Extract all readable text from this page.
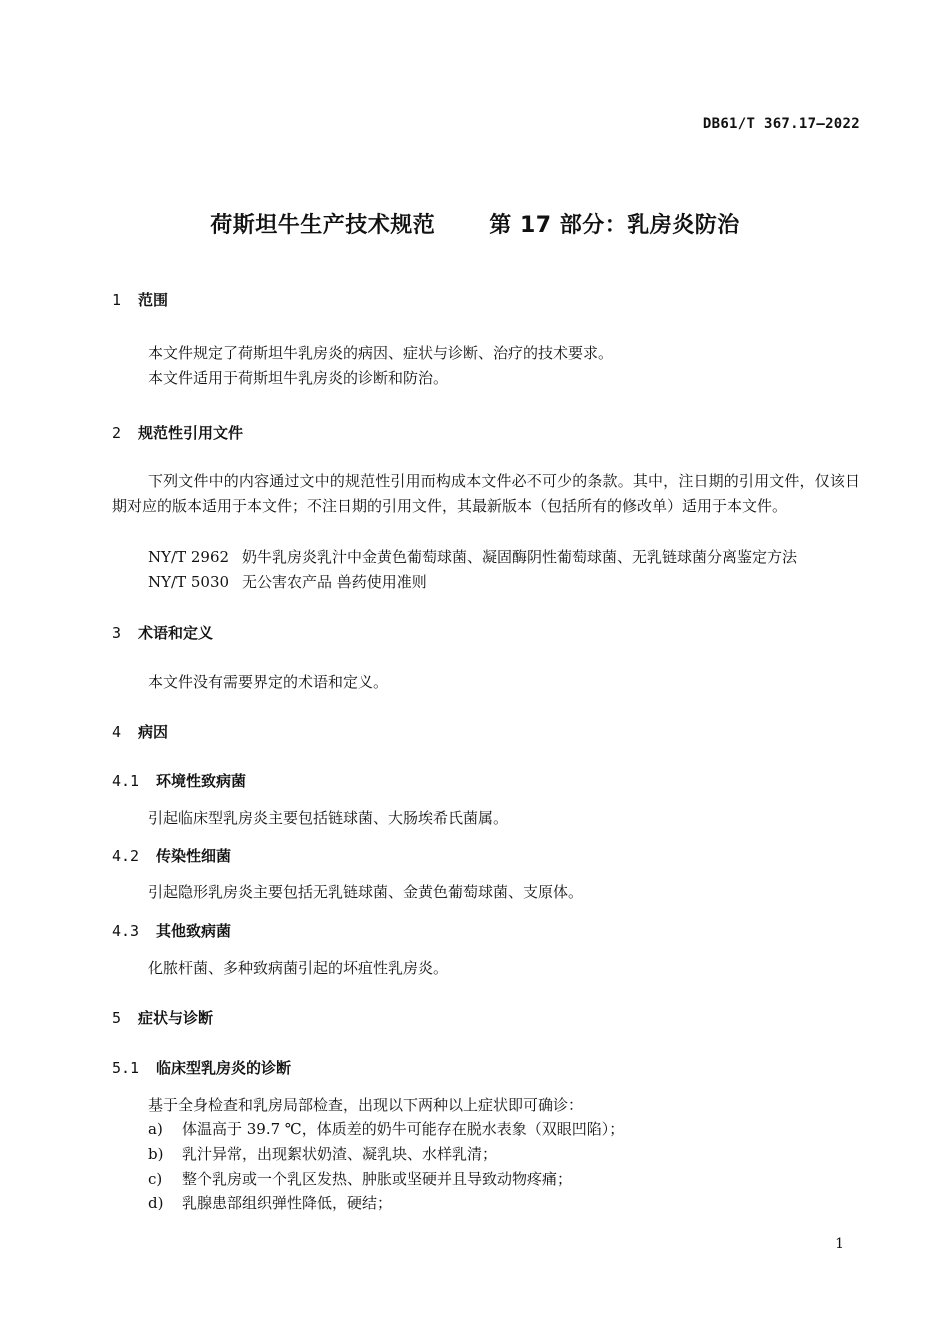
DB61/T 367.17—2022
荷斯坦牛生产技术规范 第 17 部分：乳房炎防治
1 范围
本文件规定了荷斯坦牛乳房炎的病因、症状与诊断、治疗的技术要求。
本文件适用于荷斯坦牛乳房炎的诊断和防治。
2 规范性引用文件
下列文件中的内容通过文中的规范性引用而构成本文件必不可少的条款。其中，注日期的引用文件，仅该日期对应的版本适用于本文件；不注日期的引用文件，其最新版本（包括所有的修改单）适用于本文件。
NY/T 2962 奶牛乳房炎乳汁中金黄色葡萄球菌、凝固酶阴性葡萄球菌、无乳链球菌分离鉴定方法
NY/T 5030 无公害农产品 兽药使用准则
3 术语和定义
本文件没有需要界定的术语和定义。
4 病因
4.1 环境性致病菌
引起临床型乳房炎主要包括链球菌、大肠埃希氏菌属。
4.2 传染性细菌
引起隐形乳房炎主要包括无乳链球菌、金黄色葡萄球菌、支原体。
4.3 其他致病菌
化脓杆菌、多种致病菌引起的坏疽性乳房炎。
5 症状与诊断
5.1 临床型乳房炎的诊断
基于全身检查和乳房局部检查，出现以下两种以上症状即可确诊：
a) 体温高于 39.7 ℃，体质差的奶牛可能存在脱水表象（双眼凹陷）；
b) 乳汁异常，出现絮状奶渣、凝乳块、水样乳清；
c) 整个乳房或一个乳区发热、肿胀或坚硬并且导致动物疼痛；
d) 乳腺患部组织弹性降低，硬结；
1
